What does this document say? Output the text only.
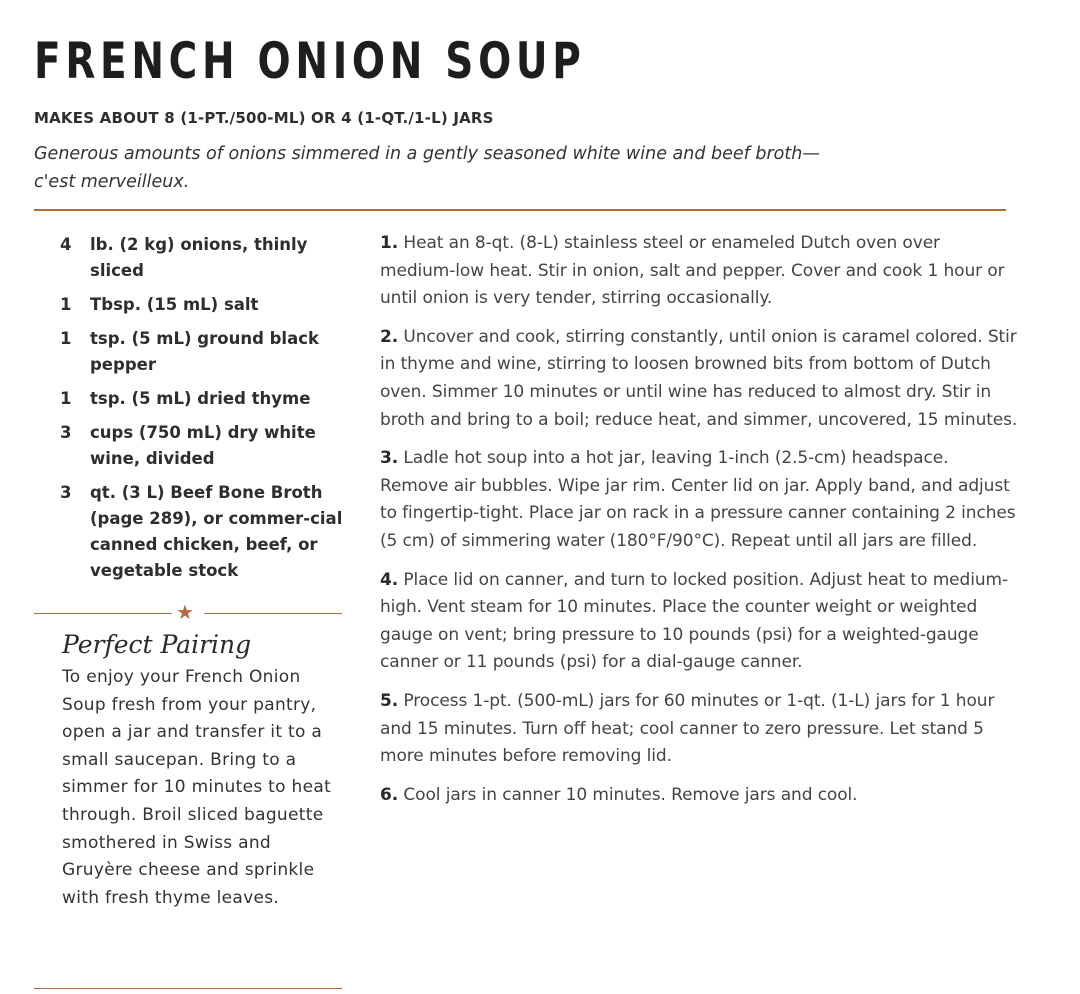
FRENCH ONION SOUP
MAKES ABOUT 8 (1-PT./500-ML) OR 4 (1-QT./1-L) JARS
Generous amounts of onions simmered in a gently seasoned white wine and beef broth—
c'est merveilleux.
4	lb. (2 kg) onions, thinly sliced
1	Tbsp. (15 mL) salt
1	tsp. (5 mL) ground black pepper
1	tsp. (5 mL) dried thyme
3	cups (750 mL) dry white wine, divided
3	qt. (3 L) Beef Bone Broth (page 289), or commer-cial canned chicken, beef, or vegetable stock
★
Perfect Pairing
To enjoy your French Onion Soup fresh from your pantry, open a jar and transfer it to a small saucepan. Bring to a simmer for 10 minutes to heat through. Broil sliced baguette smothered in Swiss and Gruyère cheese and sprinkle with fresh thyme leaves.

1. Heat an 8-qt. (8-L) stainless steel or enameled Dutch oven over medium-low heat. Stir in onion, salt and pepper. Cover and cook 1 hour or until onion is very tender, stirring occasionally.

2. Uncover and cook, stirring constantly, until onion is caramel colored. Stir in thyme and wine, stirring to loosen browned bits from bottom of Dutch oven. Simmer 10 minutes or until wine has reduced to almost dry. Stir in broth and bring to a boil; reduce heat, and simmer, uncovered, 15 minutes.

3. Ladle hot soup into a hot jar, leaving 1-inch (2.5-cm) headspace. Remove air bubbles. Wipe jar rim. Center lid on jar. Apply band, and adjust to fingertip-tight. Place jar on rack in a pressure canner containing 2 inches (5 cm) of simmering water (180°F/90°C). Repeat until all jars are filled.

4. Place lid on canner, and turn to locked position. Adjust heat to medium-high. Vent steam for 10 minutes. Place the counter weight or weighted gauge on vent; bring pressure to 10 pounds (psi) for a weighted-gauge canner or 11 pounds (psi) for a dial-gauge canner.

5. Process 1-pt. (500-mL) jars for 60 minutes or 1-qt. (1-L) jars for 1 hour and 15 minutes. Turn off heat; cool canner to zero pressure. Let stand 5 more minutes before removing lid.

6. Cool jars in canner 10 minutes. Remove jars and cool.
